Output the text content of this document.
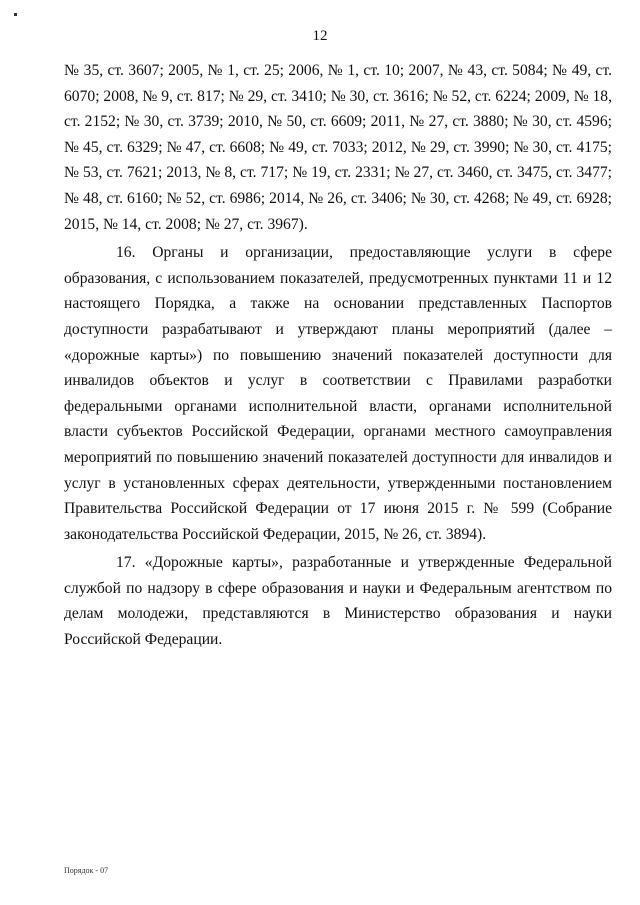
12

№ 35, ст. 3607; 2005, № 1, ст. 25; 2006, № 1, ст. 10; 2007, № 43, ст. 5084; № 49, ст. 6070; 2008, № 9, ст. 817; № 29, ст. 3410; № 30, ст. 3616; № 52, ст. 6224; 2009, № 18, ст. 2152; № 30, ст. 3739; 2010, № 50, ст. 6609; 2011, № 27, ст. 3880; № 30, ст. 4596; № 45, ст. 6329; № 47, ст. 6608; № 49, ст. 7033; 2012, № 29, ст. 3990; № 30, ст. 4175; № 53, ст. 7621; 2013, № 8, ст. 717; № 19, ст. 2331; № 27, ст. 3460, ст. 3475, ст. 3477; № 48, ст. 6160; № 52, ст. 6986; 2014, № 26, ст. 3406; № 30, ст. 4268; № 49, ст. 6928; 2015, № 14, ст. 2008; № 27, ст. 3967).

16. Органы и организации, предоставляющие услуги в сфере образования, с использованием показателей, предусмотренных пунктами 11 и 12 настоящего Порядка, а также на основании представленных Паспортов доступности разрабатывают и утверждают планы мероприятий (далее – «дорожные карты») по повышению значений показателей доступности для инвалидов объектов и услуг в соответствии с Правилами разработки федеральными органами исполнительной власти, органами исполнительной власти субъектов Российской Федерации, органами местного самоуправления мероприятий по повышению значений показателей доступности для инвалидов и услуг в установленных сферах деятельности, утвержденными постановлением Правительства Российской Федерации от 17 июня 2015 г. № 599 (Собрание законодательства Российской Федерации, 2015, № 26, ст. 3894).

17. «Дорожные карты», разработанные и утвержденные Федеральной службой по надзору в сфере образования и науки и Федеральным агентством по делам молодежи, представляются в Министерство образования и науки Российской Федерации.

Порядок - 07
